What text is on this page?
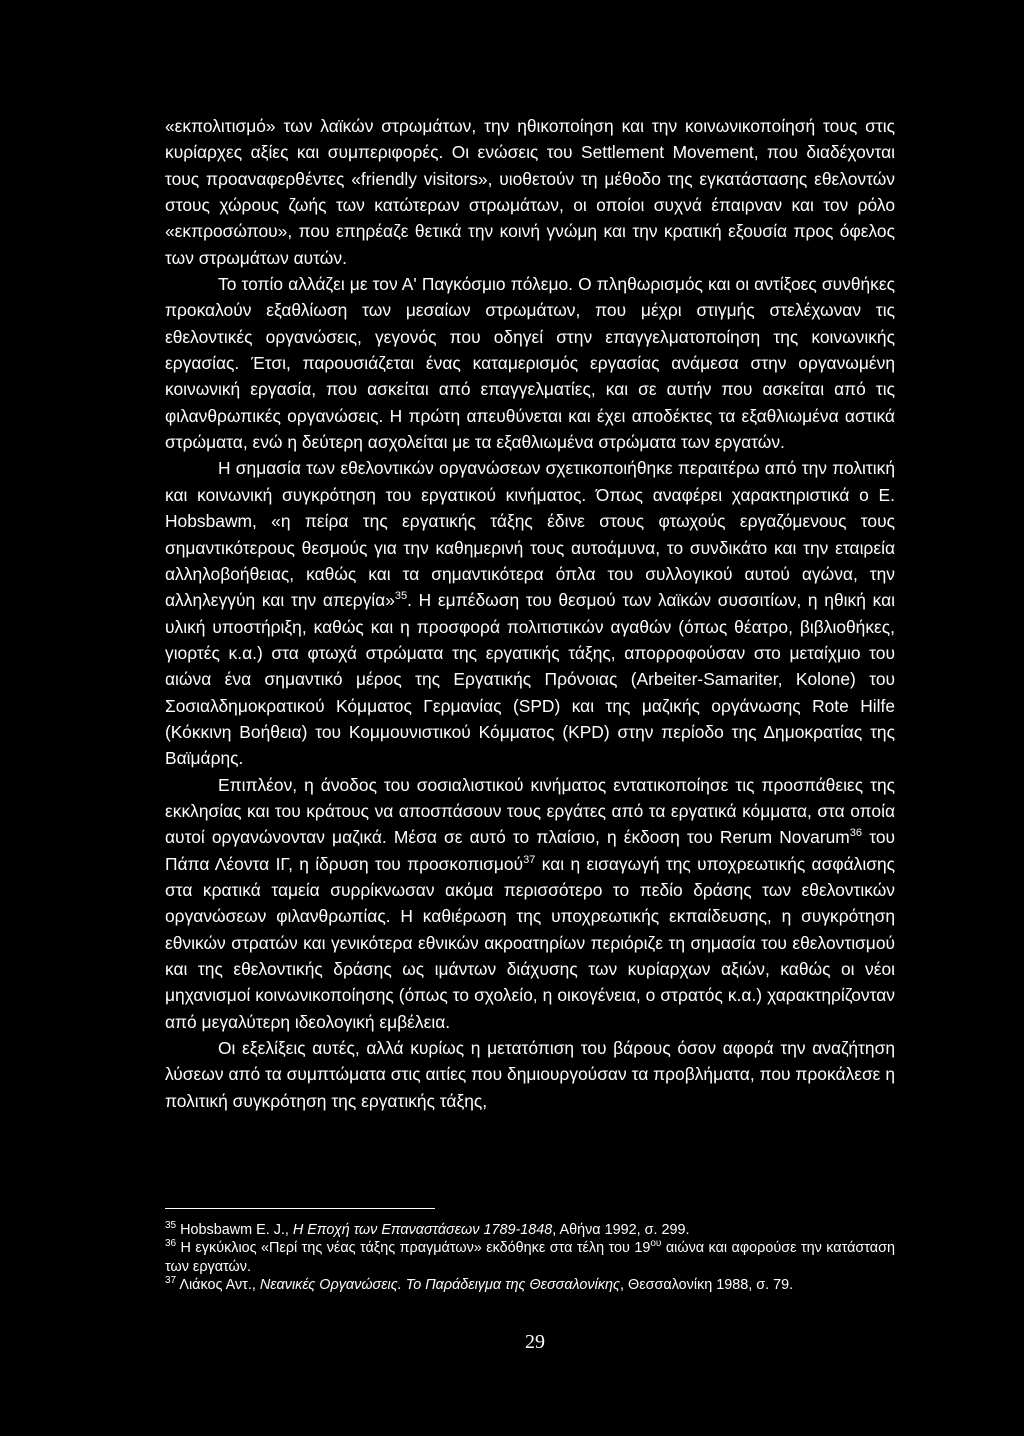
«εκπολιτισμό» των λαϊκών στρωμάτων, την ηθικοποίηση και την κοινωνικοποίησή τους στις κυρίαρχες αξίες και συμπεριφορές. Οι ενώσεις του Settlement Movement, που διαδέχονται τους προαναφερθέντες «friendly visitors», υιοθετούν τη μέθοδο της εγκατάστασης εθελοντών στους χώρους ζωής των κατώτερων στρωμάτων, οι οποίοι συχνά έπαιρναν και τον ρόλο «εκπροσώπου», που επηρέαζε θετικά την κοινή γνώμη και την κρατική εξουσία προς όφελος των στρωμάτων αυτών.

Το τοπίο αλλάζει με τον Α' Παγκόσμιο πόλεμο. Ο πληθωρισμός και οι αντίξοες συνθήκες προκαλούν εξαθλίωση των μεσαίων στρωμάτων, που μέχρι στιγμής στελέχωναν τις εθελοντικές οργανώσεις, γεγονός που οδηγεί στην επαγγελματοποίηση της κοινωνικής εργασίας. Έτσι, παρουσιάζεται ένας καταμερισμός εργασίας ανάμεσα στην οργανωμένη κοινωνική εργασία, που ασκείται από επαγγελματίες, και σε αυτήν που ασκείται από τις φιλανθρωπικές οργανώσεις. Η πρώτη απευθύνεται και έχει αποδέκτες τα εξαθλιωμένα αστικά στρώματα, ενώ η δεύτερη ασχολείται με τα εξαθλιωμένα στρώματα των εργατών.

Η σημασία των εθελοντικών οργανώσεων σχετικοποιήθηκε περαιτέρω από την πολιτική και κοινωνική συγκρότηση του εργατικού κινήματος. Όπως αναφέρει χαρακτηριστικά ο E. Hobsbawm, «η πείρα της εργατικής τάξης έδινε στους φτωχούς εργαζόμενους τους σημαντικότερους θεσμούς για την καθημερινή τους αυτοάμυνα, το συνδικάτο και την εταιρεία αλληλοβοήθειας, καθώς και τα σημαντικότερα όπλα του συλλογικού αυτού αγώνα, την αλληλεγγύη και την απεργία»$^{35}$. Η εμπέδωση του θεσμού των λαϊκών συσσιτίων, η ηθική και υλική υποστήριξη, καθώς και η προσφορά πολιτιστικών αγαθών (όπως θέατρο, βιβλιοθήκες, γιορτές κ.α.) στα φτωχά στρώματα της εργατικής τάξης, απορροφούσαν στο μεταίχμιο του αιώνα ένα σημαντικό μέρος της Εργατικής Πρόνοιας (Arbeiter-Samariter, Kolone) του Σοσιαλδημοκρατικού Κόμματος Γερμανίας (SPD) και της μαζικής οργάνωσης Rote Hilfe (Κόκκινη Βοήθεια) του Κομμουνιστικού Κόμματος (KPD) στην περίοδο της Δημοκρατίας της Βαϊμάρης.

Επιπλέον, η άνοδος του σοσιαλιστικού κινήματος εντατικοποίησε τις προσπάθειες της εκκλησίας και του κράτους να αποσπάσουν τους εργάτες από τα εργατικά κόμματα, στα οποία αυτοί οργανώνονταν μαζικά. Μέσα σε αυτό το πλαίσιο, η έκδοση του Rerum Novarum$^{36}$ του Πάπα Λέοντα ΙΓ, η ίδρυση του προσκοπισμού$^{37}$ και η εισαγωγή της υποχρεωτικής ασφάλισης στα κρατικά ταμεία συρρίκνωσαν ακόμα περισσότερο το πεδίο δράσης των εθελοντικών οργανώσεων φιλανθρωπίας. Η καθιέρωση της υποχρεωτικής εκπαίδευσης, η συγκρότηση εθνικών στρατών και γενικότερα εθνικών ακροατηρίων περιόριζε τη σημασία του εθελοντισμού και της εθελοντικής δράσης ως ιμάντων διάχυσης των κυρίαρχων αξιών, καθώς οι νέοι μηχανισμοί κοινωνικοποίησης (όπως το σχολείο, η οικογένεια, ο στρατός κ.α.) χαρακτηρίζονταν από μεγαλύτερη ιδεολογική εμβέλεια.

Οι εξελίξεις αυτές, αλλά κυρίως η μετατόπιση του βάρους όσον αφορά την αναζήτηση λύσεων από τα συμπτώματα στις αιτίες που δημιουργούσαν τα προβλήματα, που προκάλεσε η πολιτική συγκρότηση της εργατικής τάξης,

$^{35}$ Hobsbawm E. J., Η Εποχή των Επαναστάσεων 1789-1848, Αθήνα 1992, σ. 299.

$^{36}$ Η εγκύκλιος «Περί της νέας τάξης πραγμάτων» εκδόθηκε στα τέλη του $19^{o\upsilon}$ αιώνα και αφορούσε την κατάσταση των εργατών.

$^{37}$ Λιάκος Αντ., Νεανικές Οργανώσεις. Το Παράδειγμα της Θεσσαλονίκης, Θεσσαλονίκη 1988, σ. 79.

29
